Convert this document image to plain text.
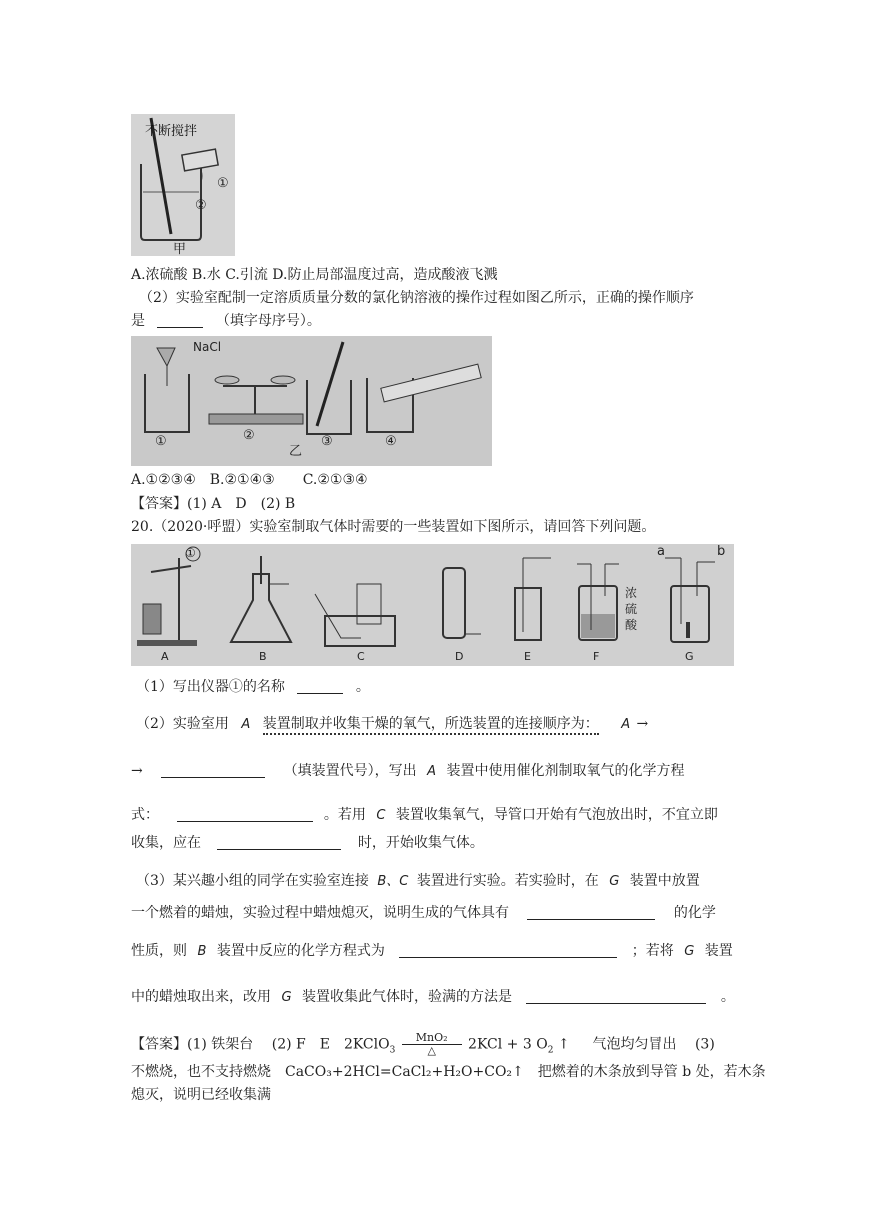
不断搅拌
①
②
甲
A.浓硫酸 B.水 C.引流 D.防止局部温度过高，造成酸液飞溅
（2）实验室配制一定溶质质量分数的氯化钠溶液的操作过程如图乙所示，正确的操作顺序
是	（填字母序号）。
NaCl
①	②
乙
③	④
A.①②③④　B.②①④③　　C.②①③④
【答案】(1) A　D　(2) B
20.（2020·呼盟）实验室制取气体时需要的一些装置如下图所示，请回答下列问题。
①
A	B	C	D	E	F	G
浓
硫
酸
a	b
（1）写出仪器①的名称	。
（2）实验室用 A 装置制取并收集干燥的氧气，所选装置的连接顺序为： A →
→	（填装置代号），写出 A 装置中使用催化剂制取氧气的化学方程
式：	。若用 C 装置收集氧气，导管口开始有气泡放出时，不宜立即
收集，应在	时，开始收集气体。
（3）某兴趣小组的同学在实验室连接 B、C 装置进行实验。若实验时，在 G 装置中放置
一个燃着的蜡烛，实验过程中蜡烛熄灭，说明生成的气体具有	的化学
性质，则 B 装置中反应的化学方程式为	；若将 G 装置
中的蜡烛取出来，改用 G 装置收集此气体时，验满的方法是	。
【答案】(1) 铁架台　 (2) F　E　2KClO$_3$ $\frac{\text{MnO₂}}{\triangle} 2KCl + 3$ $O_2$ ↑ 　 气泡均匀冒出　 (3)
不燃烧，也不支持燃烧　CaCO₃+2HCl=CaCl₂+H₂O+CO₂↑　把燃着的木条放到导管 b 处，若木条
熄灭，说明已经收集满
